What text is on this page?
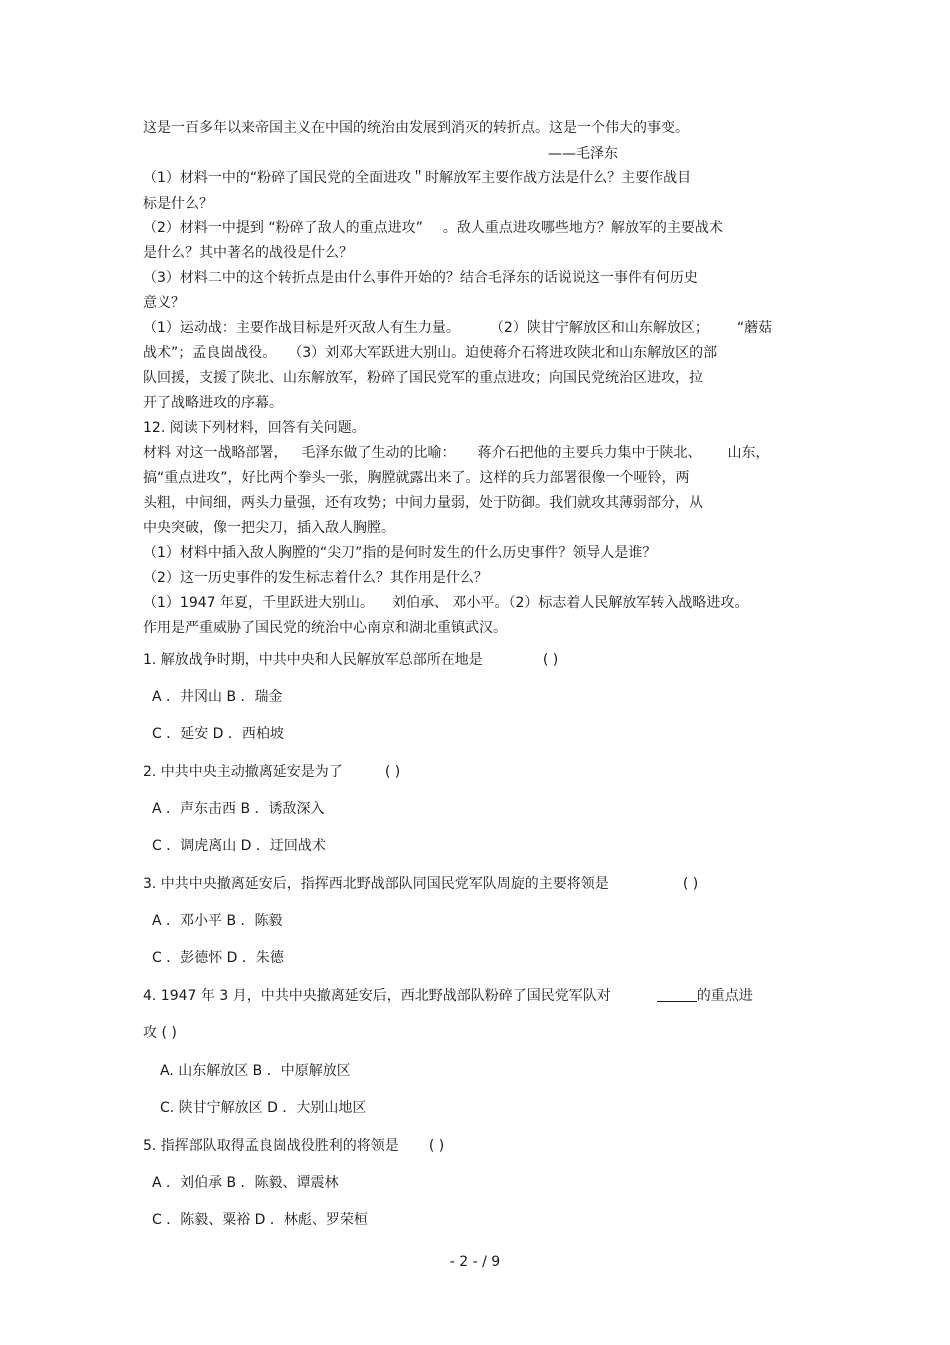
这是一百多年以来帝国主义在中国的统治由发展到消灭的转折点。这是一个伟大的事变。
——毛泽东
（1）材料一中的“粉碎了国民党的全面进攻＂时解放军主要作战方法是什么？主要作战目
标是什么？
（2）材料一中提到 “粉碎了敌人的重点进攻” 。敌人重点进攻哪些地方？解放军的主要战术
是什么？其中著名的战役是什么？
（3）材料二中的这个转折点是由什么事件开始的？结合毛泽东的话说说这一事件有何历史
意义？
（1）运动战：主要作战目标是歼灭敌人有生力量。 （2）陕甘宁解放区和山东解放区； “蘑菇
战术”；孟良崮战役。 （3）刘邓大军跃进大别山。迫使蒋介石将进攻陕北和山东解放区的部
队回援，支援了陕北、山东解放军，粉碎了国民党军的重点进攻；向国民党统治区进攻，拉
开了战略进攻的序幕。
12. 阅读下列材料，回答有关问题。
材料 对这一战略部署， 毛泽东做了生动的比喻： 蒋介石把他的主要兵力集中于陕北、 山东，
搞“重点进攻”，好比两个拳头一张，胸膛就露出来了。这样的兵力部署很像一个哑铃，两
头粗，中间细，两头力量强，还有攻势；中间力量弱，处于防御。我们就攻其薄弱部分，从
中央突破，像一把尖刀，插入敌人胸膛。
（1）材料中插入敌人胸膛的“尖刀”指的是何时发生的什么历史事件？领导人是谁？
（2）这一历史事件的发生标志着什么？其作用是什么？
（1）1947 年夏，千里跃进大别山。 刘伯承、 邓小平。（2）标志着人民解放军转入战略进攻。
作用是严重威胁了国民党的统治中心南京和湖北重镇武汉。
1. 解放战争时期，中共中央和人民解放军总部所在地是	( )
A ．井冈山 B ．瑞金
C ．延安 D ．西柏坡
2. 中共中央主动撤离延安是为了	( )
A ．声东击西 B ．诱敌深入
C ．调虎离山 D ．迂回战术
3. 中共中央撤离延安后，指挥西北野战部队同国民党军队周旋的主要将领是	( )
A ．邓小平 B ．陈毅
C ．彭德怀 D ．朱德
4. 1947 年 3 月，中共中央撤离延安后，西北野战部队粉碎了国民党军队对	的重点进
攻 ( )
A. 山东解放区 B ．中原解放区
C. 陕甘宁解放区 D ．大别山地区
5. 指挥部队取得孟良崮战役胜利的将领是 ( )
A ．刘伯承 B ．陈毅、谭震林
C ．陈毅、粟裕 D ．林彪、罗荣桓
- 2 - / 9
